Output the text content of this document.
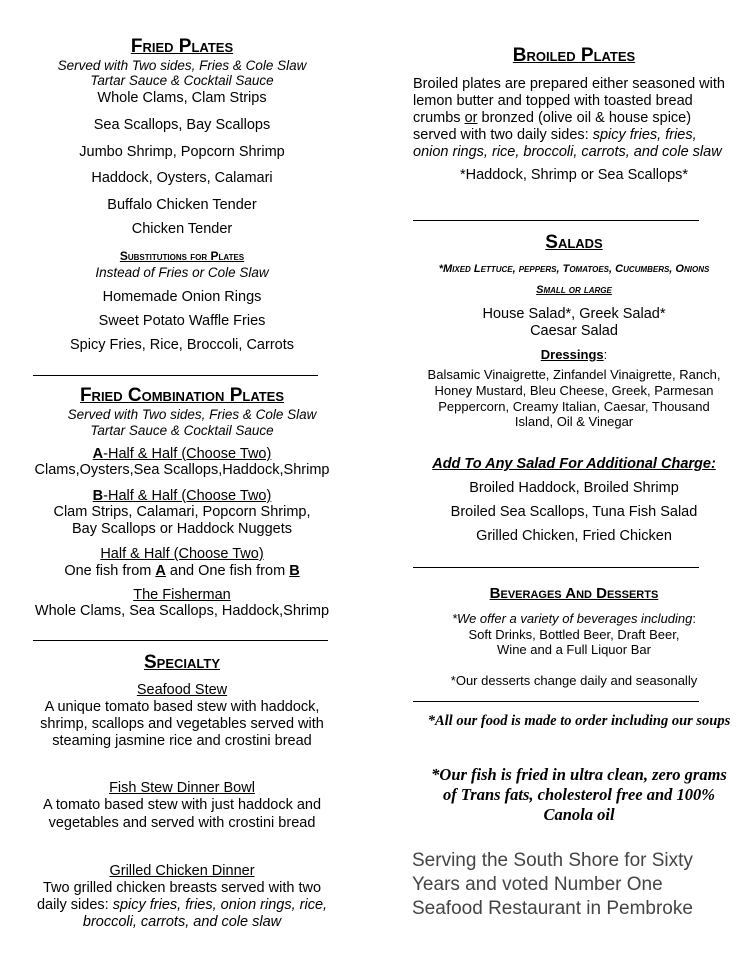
Fried Plates
Served with Two sides, Fries & Cole Slaw
Tartar Sauce & Cocktail Sauce
Whole Clams, Clam Strips
Sea Scallops, Bay Scallops
Jumbo Shrimp, Popcorn Shrimp
Haddock, Oysters, Calamari
Buffalo Chicken Tender
Chicken Tender
Substitutions for Plates
Instead of Fries or Cole Slaw
Homemade Onion Rings
Sweet Potato Waffle Fries
Spicy Fries, Rice, Broccoli, Carrots
Fried Combination Plates
Served with Two sides, Fries & Cole Slaw
Tartar Sauce & Cocktail Sauce
A-Half & Half (Choose Two)
Clams,Oysters,Sea Scallops,Haddock,Shrimp
B-Half & Half (Choose Two)
Clam Strips, Calamari, Popcorn Shrimp,
Bay Scallops or Haddock Nuggets
Half & Half (Choose Two)
One fish from A and One fish from B
The Fisherman
Whole Clams, Sea Scallops, Haddock,Shrimp
Specialty
Seafood Stew
A unique tomato based stew with haddock,
shrimp, scallops and vegetables served with
steaming jasmine rice and crostini bread
Fish Stew Dinner Bowl
A tomato based stew with just haddock and
vegetables and served with crostini bread
Grilled Chicken Dinner
Two grilled chicken breasts served with two
daily sides: spicy fries, fries, onion rings, rice,
broccoli, carrots, and cole slaw
Broiled Plates
Broiled plates are prepared either seasoned with
lemon butter and topped with toasted bread
crumbs or bronzed (olive oil & house spice)
served with two daily sides: spicy fries, fries,
onion rings, rice, broccoli, carrots, and cole slaw
*Haddock, Shrimp or Sea Scallops*
Salads
*Mixed Lettuce, peppers, Tomatoes, Cucumbers, Onions
Small or large
House Salad*, Greek Salad*
Caesar Salad
Dressings:
Balsamic Vinaigrette, Zinfandel Vinaigrette, Ranch,
Honey Mustard, Bleu Cheese, Greek, Parmesan
Peppercorn, Creamy Italian, Caesar, Thousand
Island, Oil & Vinegar
Add To Any Salad For Additional Charge:
Broiled Haddock, Broiled Shrimp
Broiled Sea Scallops, Tuna Fish Salad
Grilled Chicken, Fried Chicken
Beverages And Desserts
*We offer a variety of beverages including:
Soft Drinks, Bottled Beer, Draft Beer,
Wine and a Full Liquor Bar
*Our desserts change daily and seasonally
*All our food is made to order including our soups
*Our fish is fried in ultra clean, zero grams
of Trans fats, cholesterol free and 100%
Canola oil
Serving the South Shore for Sixty
Years and voted Number One
Seafood Restaurant in Pembroke
